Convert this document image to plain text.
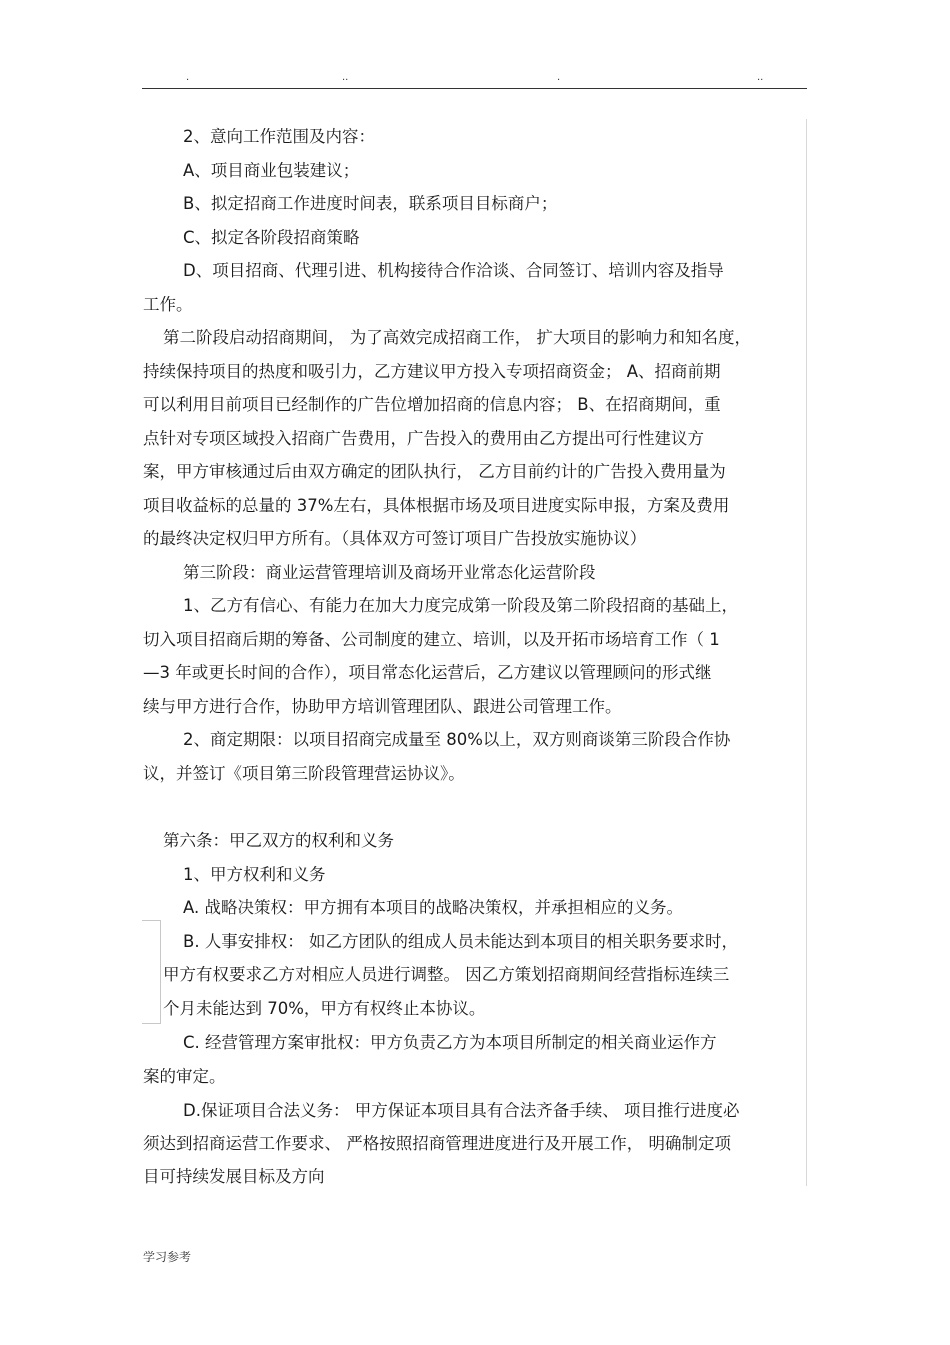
.	..	.	..
2、意向工作范围及内容：
A、项目商业包装建议；
B、拟定招商工作进度时间表，联系项目目标商户；
C、拟定各阶段招商策略
D、项目招商、代理引进、机构接待合作洽谈、合同签订、培训内容及指导
工作。
第二阶段启动招商期间， 为了高效完成招商工作， 扩大项目的影响力和知名度，
持续保持项目的热度和吸引力，乙方建议甲方投入专项招商资金； A、招商前期
可以利用目前项目已经制作的广告位增加招商的信息内容； B、在招商期间，重
点针对专项区域投入招商广告费用，广告投入的费用由乙方提出可行性建议方
案，甲方审核通过后由双方确定的团队执行， 乙方目前约计的广告投入费用量为
项目收益标的总量的 37%左右，具体根据市场及项目进度实际申报，方案及费用
的最终决定权归甲方所有。（具体双方可签订项目广告投放实施协议）
第三阶段：商业运营管理培训及商场开业常态化运营阶段
1、乙方有信心、有能力在加大力度完成第一阶段及第二阶段招商的基础上，
切入项目招商后期的筹备、公司制度的建立、培训，以及开拓市场培育工作（ 1
—3 年或更长时间的合作），项目常态化运营后，乙方建议以管理顾问的形式继
续与甲方进行合作，协助甲方培训管理团队、跟进公司管理工作。
2、商定期限：以项目招商完成量至 80%以上，双方则商谈第三阶段合作协
议，并签订《项目第三阶段管理营运协议》。
第六条：甲乙双方的权利和义务
1、甲方权利和义务
A. 战略决策权：甲方拥有本项目的战略决策权，并承担相应的义务。
B. 人事安排权： 如乙方团队的组成人员未能达到本项目的相关职务要求时，
甲方有权要求乙方对相应人员进行调整。 因乙方策划招商期间经营指标连续三
个月未能达到 70%，甲方有权终止本协议。
C. 经营管理方案审批权：甲方负责乙方为本项目所制定的相关商业运作方
案的审定。
D.保证项目合法义务： 甲方保证本项目具有合法齐备手续、 项目推行进度必
须达到招商运营工作要求、 严格按照招商管理进度进行及开展工作， 明确制定项
目可持续发展目标及方向
学习参考
